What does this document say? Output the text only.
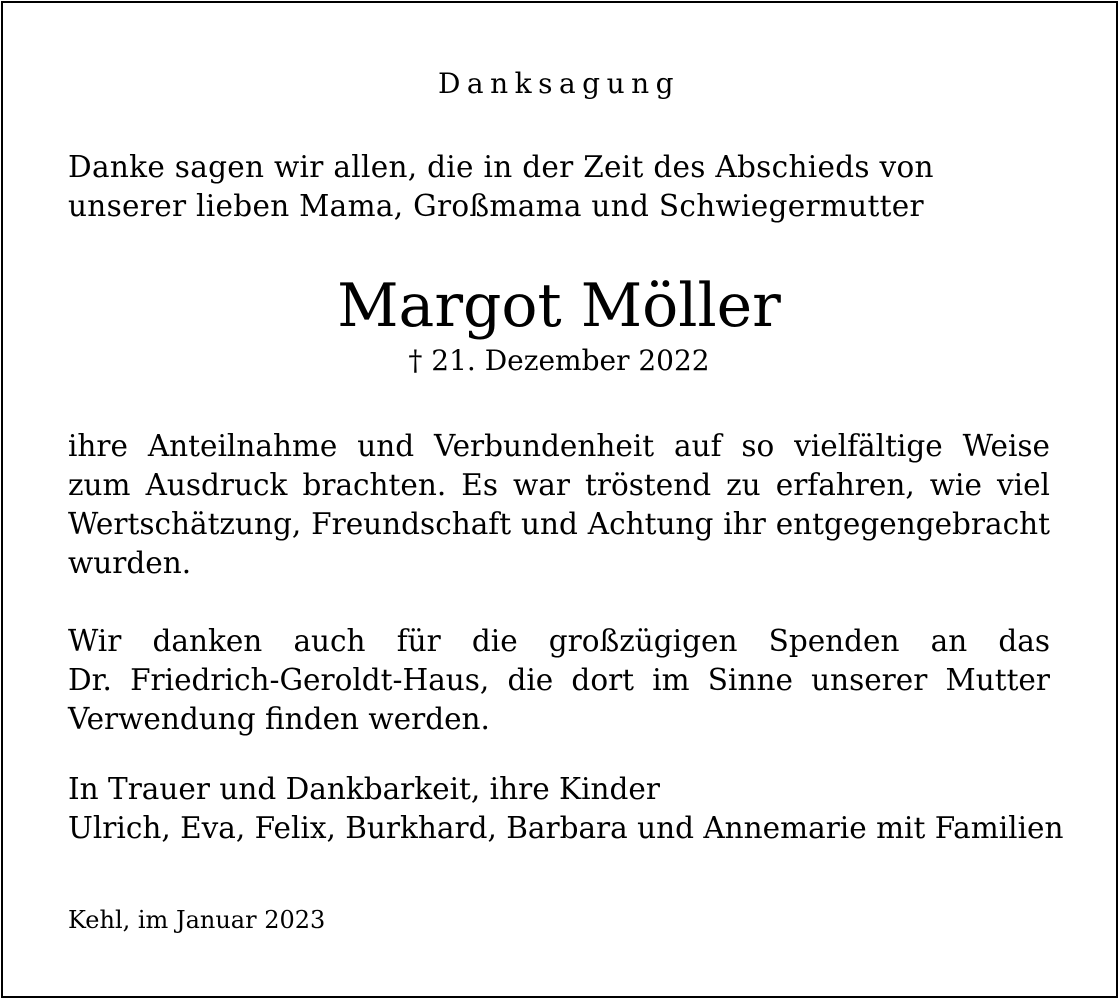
Danksagung
Danke sagen wir allen, die in der Zeit des Abschieds von
unserer lieben Mama, Großmama und Schwiegermutter
Margot Möller
† 21. Dezember 2022
ihre Anteilnahme und Verbundenheit auf so vielfältige Weise
zum Ausdruck brachten. Es war tröstend zu erfahren, wie viel
Wertschätzung, Freundschaft und Achtung ihr entgegengebracht
wurden.
Wir danken auch für die großzügigen Spenden an das
Dr. Friedrich-Geroldt-Haus, die dort im Sinne unserer Mutter
Verwendung finden werden.
In Trauer und Dankbarkeit, ihre Kinder
Ulrich, Eva, Felix, Burkhard, Barbara und Annemarie mit Familien
Kehl, im Januar 2023
